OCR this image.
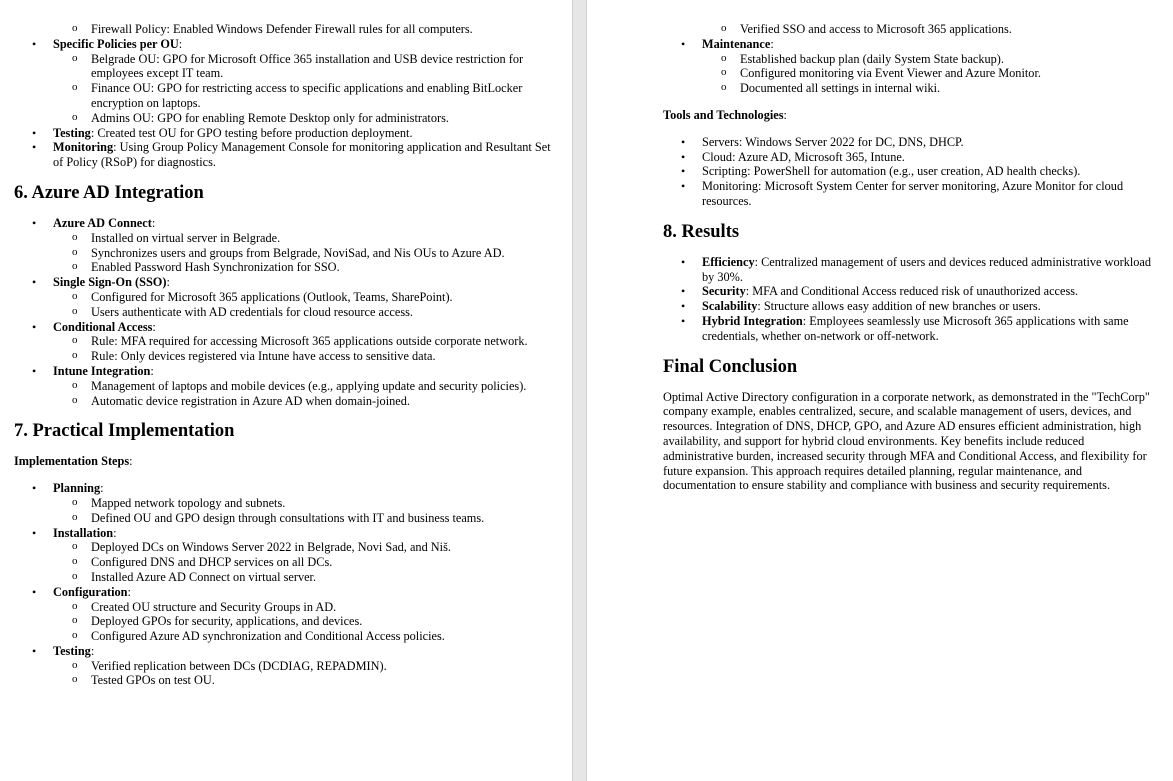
o Firewall Policy: Enabled Windows Defender Firewall rules for all computers.
• Specific Policies per OU:
o Belgrade OU: GPO for Microsoft Office 365 installation and USB device restriction for employees except IT team.
o Finance OU: GPO for restricting access to specific applications and enabling BitLocker encryption on laptops.
o Admins OU: GPO for enabling Remote Desktop only for administrators.
• Testing: Created test OU for GPO testing before production deployment.
• Monitoring: Using Group Policy Management Console for monitoring application and Resultant Set of Policy (RSoP) for diagnostics.
6. Azure AD Integration
• Azure AD Connect:
o Installed on virtual server in Belgrade.
o Synchronizes users and groups from Belgrade, NoviSad, and Nis OUs to Azure AD.
o Enabled Password Hash Synchronization for SSO.
• Single Sign-On (SSO):
o Configured for Microsoft 365 applications (Outlook, Teams, SharePoint).
o Users authenticate with AD credentials for cloud resource access.
• Conditional Access:
o Rule: MFA required for accessing Microsoft 365 applications outside corporate network.
o Rule: Only devices registered via Intune have access to sensitive data.
• Intune Integration:
o Management of laptops and mobile devices (e.g., applying update and security policies).
o Automatic device registration in Azure AD when domain-joined.
7. Practical Implementation

Implementation Steps:

• Planning:
o Mapped network topology and subnets.
o Defined OU and GPO design through consultations with IT and business teams.
• Installation:
o Deployed DCs on Windows Server 2022 in Belgrade, Novi Sad, and Niš.
o Configured DNS and DHCP services on all DCs.
o Installed Azure AD Connect on virtual server.
• Configuration:
o Created OU structure and Security Groups in AD.
o Deployed GPOs for security, applications, and devices.
o Configured Azure AD synchronization and Conditional Access policies.
• Testing:
o Verified replication between DCs (DCDIAG, REPADMIN).
o Tested GPOs on test OU.
o Verified SSO and access to Microsoft 365 applications.
• Maintenance:
o Established backup plan (daily System State backup).
o Configured monitoring via Event Viewer and Azure Monitor.
o Documented all settings in internal wiki.

Tools and Technologies:

• Servers: Windows Server 2022 for DC, DNS, DHCP.
• Cloud: Azure AD, Microsoft 365, Intune.
• Scripting: PowerShell for automation (e.g., user creation, AD health checks).
• Monitoring: Microsoft System Center for server monitoring, Azure Monitor for cloud resources.
8. Results
• Efficiency: Centralized management of users and devices reduced administrative workload by 30%.
• Security: MFA and Conditional Access reduced risk of unauthorized access.
• Scalability: Structure allows easy addition of new branches or users.
• Hybrid Integration: Employees seamlessly use Microsoft 365 applications with same credentials, whether on-network or off-network.
Final Conclusion

Optimal Active Directory configuration in a corporate network, as demonstrated in the "TechCorp" company example, enables centralized, secure, and scalable management of users, devices, and resources. Integration of DNS, DHCP, GPO, and Azure AD ensures efficient administration, high availability, and support for hybrid cloud environments. Key benefits include reduced administrative burden, increased security through MFA and Conditional Access, and flexibility for future expansion. This approach requires detailed planning, regular maintenance, and documentation to ensure stability and compliance with business and security requirements.
